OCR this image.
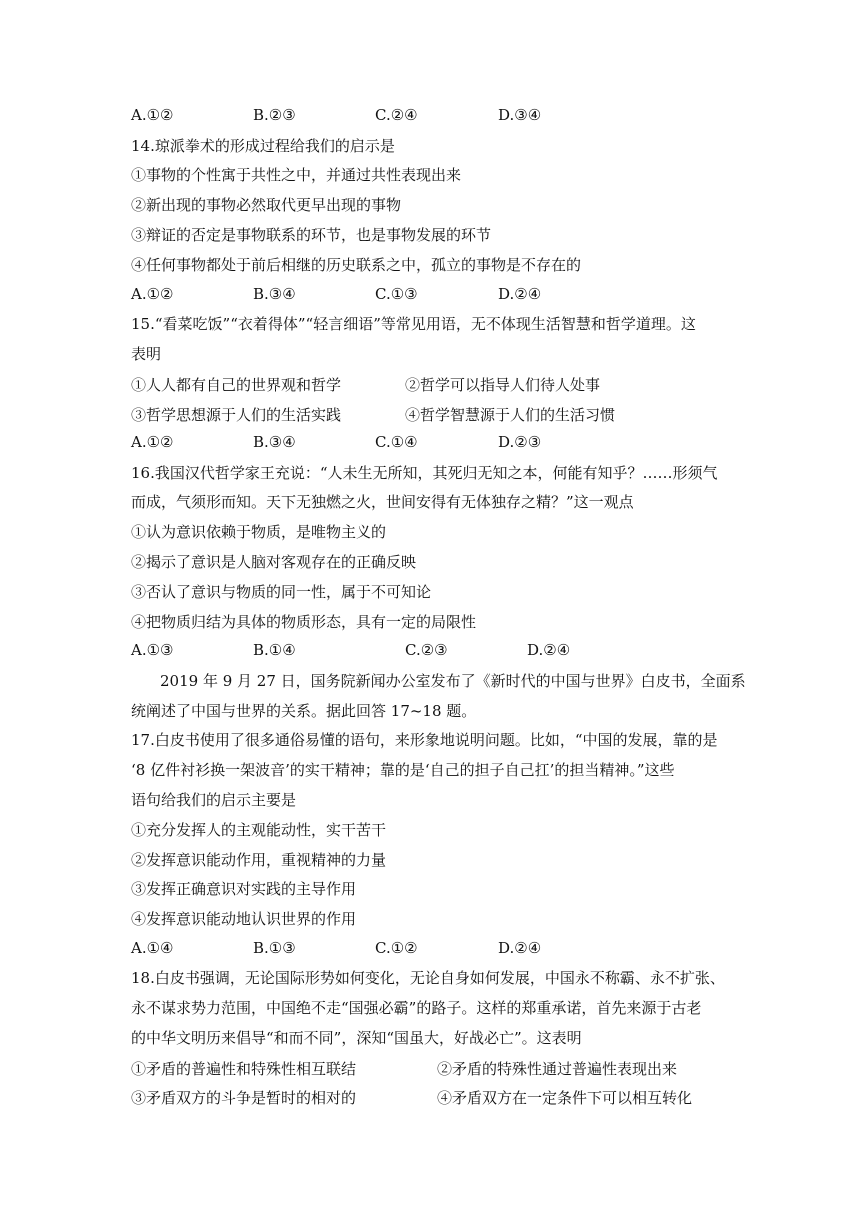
A.①②	B.②③	C.②④	D.③④
14.琼派拳术的形成过程给我们的启示是
①事物的个性寓于共性之中，并通过共性表现出来
②新出现的事物必然取代更早出现的事物
③辩证的否定是事物联系的环节，也是事物发展的环节
④任何事物都处于前后相继的历史联系之中，孤立的事物是不存在的
A.①②	B.③④	C.①③	D.②④
15.“看菜吃饭”“衣着得体”“轻言细语”等常见用语，无不体现生活智慧和哲学道理。这
表明
①人人都有自己的世界观和哲学	②哲学可以指导人们待人处事
③哲学思想源于人们的生活实践	④哲学智慧源于人们的生活习惯
A.①②	B.③④	C.①④	D.②③
16.我国汉代哲学家王充说：“人未生无所知，其死归无知之本，何能有知乎？……形须气
而成，气须形而知。天下无独燃之火，世间安得有无体独存之精？”这一观点
①认为意识依赖于物质，是唯物主义的
②揭示了意识是人脑对客观存在的正确反映
③否认了意识与物质的同一性，属于不可知论
④把物质归结为具体的物质形态，具有一定的局限性
A.①③	B.①④	C.②③	D.②④
2019 年 9 月 27 日，国务院新闻办公室发布了《新时代的中国与世界》白皮书，全面系
统阐述了中国与世界的关系。据此回答 17~18 题。
17.白皮书使用了很多通俗易懂的语句，来形象地说明问题。比如，“中国的发展，靠的是
‘8 亿件衬衫换一架波音’的实干精神；靠的是‘自己的担子自己扛’的担当精神。”这些
语句给我们的启示主要是
①充分发挥人的主观能动性，实干苦干
②发挥意识能动作用，重视精神的力量
③发挥正确意识对实践的主导作用
④发挥意识能动地认识世界的作用
A.①④	B.①③	C.①②	D.②④
18.白皮书强调，无论国际形势如何变化，无论自身如何发展，中国永不称霸、永不扩张、
永不谋求势力范围，中国绝不走“国强必霸”的路子。这样的郑重承诺，首先来源于古老
的中华文明历来倡导“和而不同”，深知“国虽大，好战必亡”。这表明
①矛盾的普遍性和特殊性相互联结	②矛盾的特殊性通过普遍性表现出来
③矛盾双方的斗争是暂时的相对的	④矛盾双方在一定条件下可以相互转化
